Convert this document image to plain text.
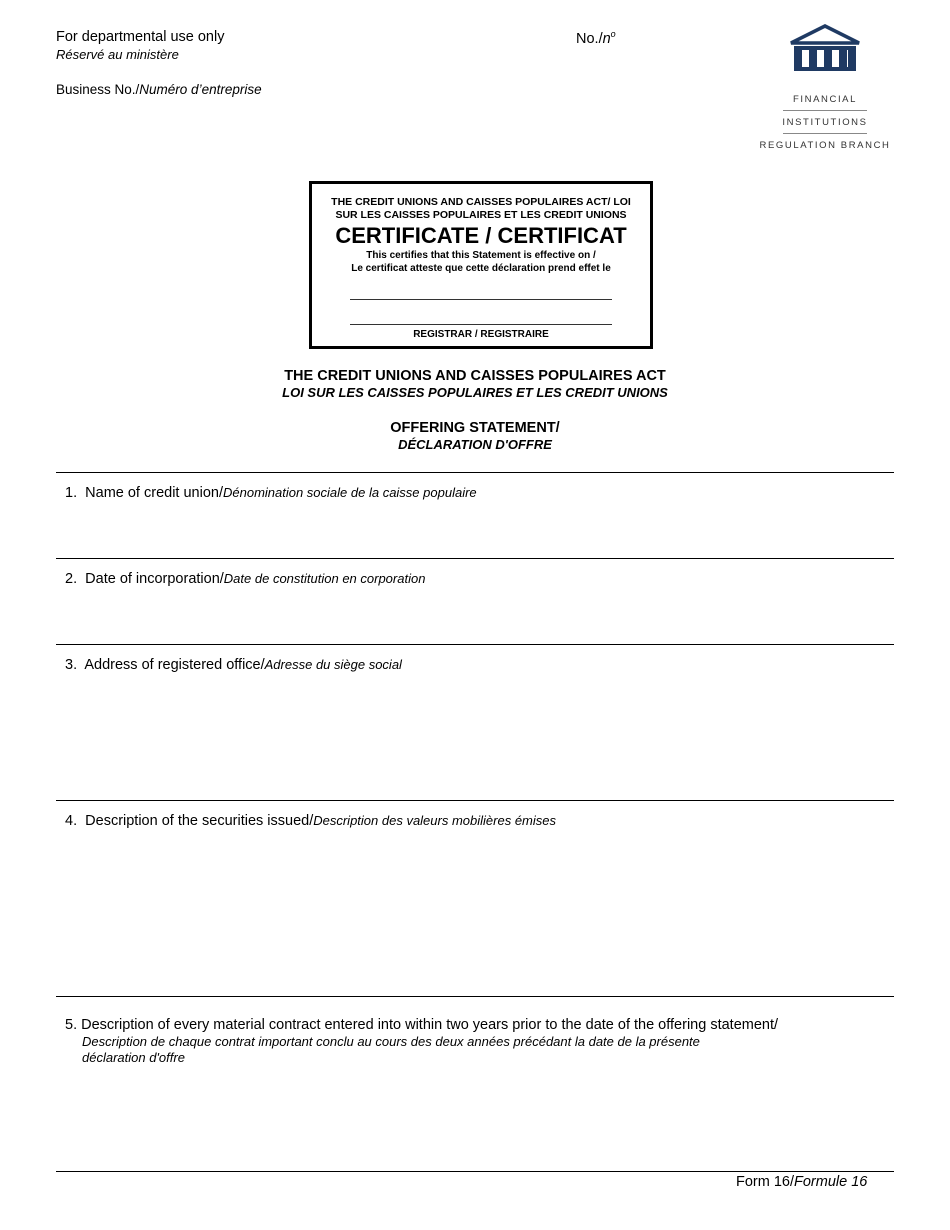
For departmental use only
Réservé au ministère
Business No./Numéro d’entreprise
$No./n^o$
FINANCIAL
INSTITUTIONS
REGULATION BRANCH
THE CREDIT UNIONS AND CAISSES POPULAIRES ACT/ LOI
SUR LES CAISSES POPULAIRES ET LES CREDIT UNIONS
CERTIFICATE / CERTIFICAT
This certifies that this Statement is effective on /
Le certificat atteste que cette déclaration prend effet le
REGISTRAR / REGISTRAIRE
THE CREDIT UNIONS AND CAISSES POPULAIRES ACT
LOI SUR LES CAISSES POPULAIRES ET LES CREDIT UNIONS
OFFERING STATEMENT/
DÉCLARATION D'OFFRE
1. Name of credit union/Dénomination sociale de la caisse populaire
2. Date of incorporation/Date de constitution en corporation
3. Address of registered office/Adresse du siège social
4. Description of the securities issued/Description des valeurs mobilières émises
5. Description of every material contract entered into within two years prior to the date of the offering statement/
Description de chaque contrat important conclu au cours des deux années précédant la date de la présente
déclaration d'offre
Form 16/Formule 16
